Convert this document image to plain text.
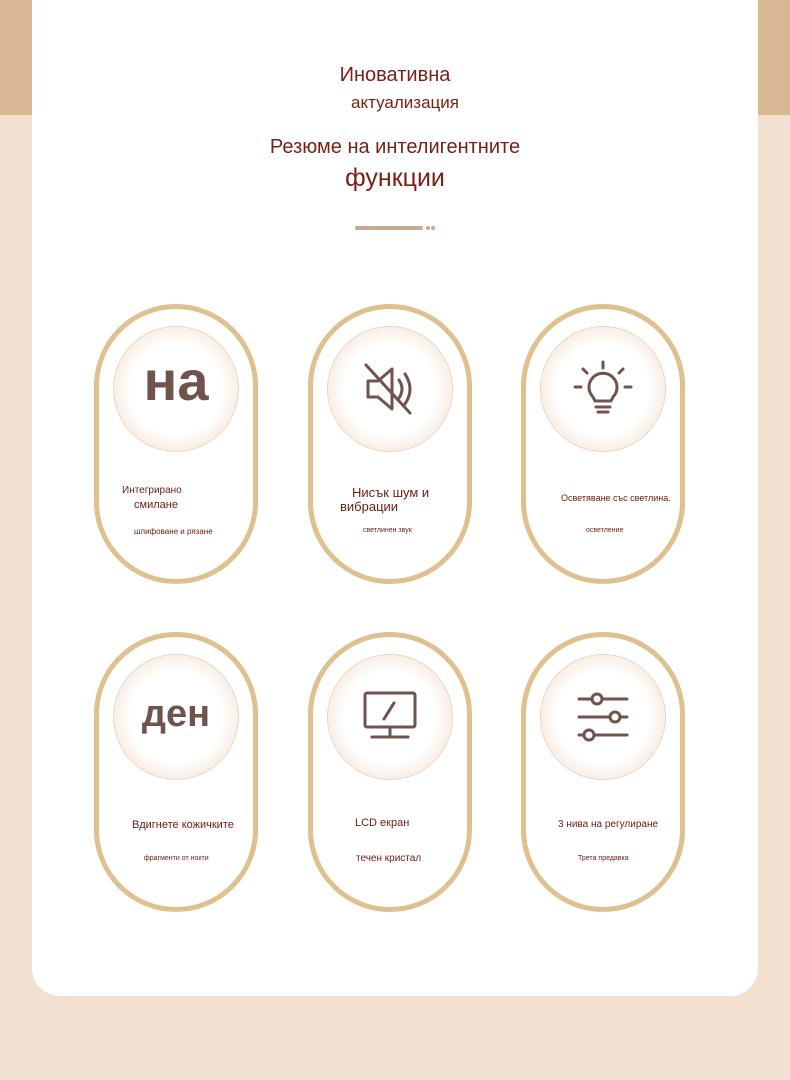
Иновативна
актуализация
Резюме на интелигентните
функции
на
Интегрирано
смилане
шлифоване и рязане
Нисък шум и
вибрации
светлинен звук
Осветяване със светлина.
осветление
ден
Вдигнете кожичките
фрагменти от нокти
LCD екран
течен кристал
3 нива на регулиране
Трета предавка
